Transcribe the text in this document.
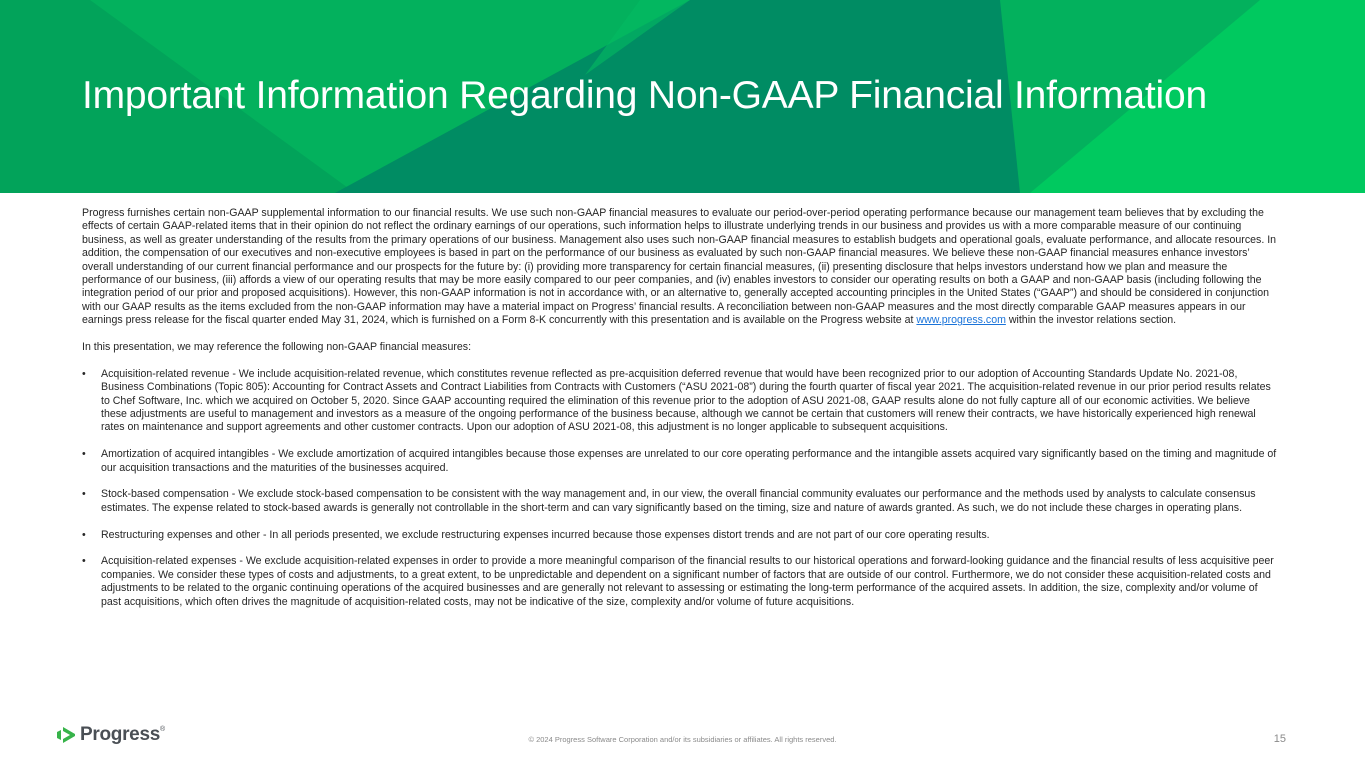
Important Information Regarding Non-GAAP Financial Information

Progress furnishes certain non-GAAP supplemental information to our financial results. We use such non-GAAP financial measures to evaluate our period-over-period operating performance because our management team believes that by excluding the effects of certain GAAP-related items that in their opinion do not reflect the ordinary earnings of our operations, such information helps to illustrate underlying trends in our business and provides us with a more comparable measure of our continuing business, as well as greater understanding of the results from the primary operations of our business. Management also uses such non-GAAP financial measures to establish budgets and operational goals, evaluate performance, and allocate resources. In addition, the compensation of our executives and non-executive employees is based in part on the performance of our business as evaluated by such non-GAAP financial measures. We believe these non-GAAP financial measures enhance investors’ overall understanding of our current financial performance and our prospects for the future by: (i) providing more transparency for certain financial measures, (ii) presenting disclosure that helps investors understand how we plan and measure the performance of our business, (iii) affords a view of our operating results that may be more easily compared to our peer companies, and (iv) enables investors to consider our operating results on both a GAAP and non-GAAP basis (including following the integration period of our prior and proposed acquisitions). However, this non-GAAP information is not in accordance with, or an alternative to, generally accepted accounting principles in the United States (“GAAP”) and should be considered in conjunction with our GAAP results as the items excluded from the non-GAAP information may have a material impact on Progress’ financial results. A reconciliation between non-GAAP measures and the most directly comparable GAAP measures appears in our earnings press release for the fiscal quarter ended May 31, 2024, which is furnished on a Form 8-K concurrently with this presentation and is available on the Progress website at www.progress.com within the investor relations section.

In this presentation, we may reference the following non-GAAP financial measures:

• Acquisition-related revenue - We include acquisition-related revenue, which constitutes revenue reflected as pre-acquisition deferred revenue that would have been recognized prior to our adoption of Accounting Standards Update No. 2021-08, Business Combinations (Topic 805): Accounting for Contract Assets and Contract Liabilities from Contracts with Customers (“ASU 2021-08”) during the fourth quarter of fiscal year 2021. The acquisition-related revenue in our prior period results relates to Chef Software, Inc. which we acquired on October 5, 2020. Since GAAP accounting required the elimination of this revenue prior to the adoption of ASU 2021-08, GAAP results alone do not fully capture all of our economic activities. We believe these adjustments are useful to management and investors as a measure of the ongoing performance of the business because, although we cannot be certain that customers will renew their contracts, we have historically experienced high renewal rates on maintenance and support agreements and other customer contracts. Upon our adoption of ASU 2021-08, this adjustment is no longer applicable to subsequent acquisitions.
• Amortization of acquired intangibles - We exclude amortization of acquired intangibles because those expenses are unrelated to our core operating performance and the intangible assets acquired vary significantly based on the timing and magnitude of our acquisition transactions and the maturities of the businesses acquired.
• Stock-based compensation - We exclude stock-based compensation to be consistent with the way management and, in our view, the overall financial community evaluates our performance and the methods used by analysts to calculate consensus estimates. The expense related to stock-based awards is generally not controllable in the short-term and can vary significantly based on the timing, size and nature of awards granted. As such, we do not include these charges in operating plans.
• Restructuring expenses and other - In all periods presented, we exclude restructuring expenses incurred because those expenses distort trends and are not part of our core operating results.
• Acquisition-related expenses - We exclude acquisition-related expenses in order to provide a more meaningful comparison of the financial results to our historical operations and forward-looking guidance and the financial results of less acquisitive peer companies. We consider these types of costs and adjustments, to a great extent, to be unpredictable and dependent on a significant number of factors that are outside of our control. Furthermore, we do not consider these acquisition-related costs and adjustments to be related to the organic continuing operations of the acquired businesses and are generally not relevant to assessing or estimating the long-term performance of the acquired assets. In addition, the size, complexity and/or volume of past acquisitions, which often drives the magnitude of acquisition-related costs, may not be indicative of the size, complexity and/or volume of future acquisitions.
Progress ®
© 2024 Progress Software Corporation and/or its subsidiaries or affiliates. All rights reserved.	15
